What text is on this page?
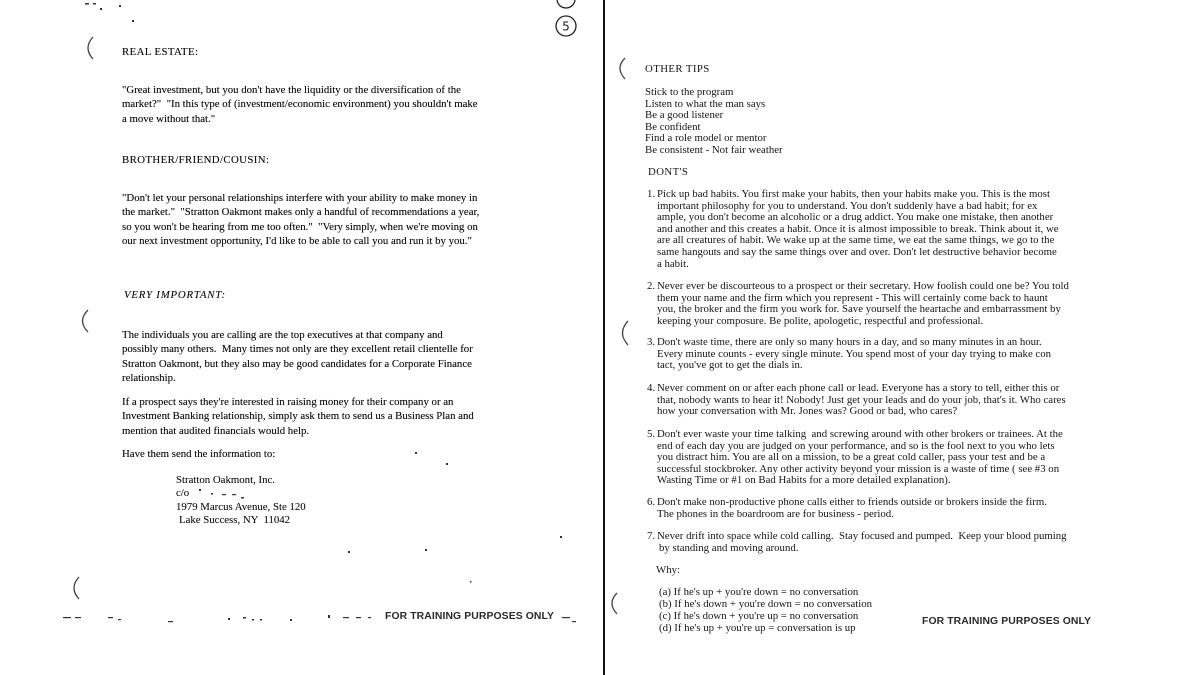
5
REAL ESTATE:
"Great investment, but you don't have the liquidity or the diversification of the
market?"  "In this type of (investment/economic environment) you shouldn't make
a move without that."
BROTHER/FRIEND/COUSIN:
"Don't let your personal relationships interfere with your ability to make money in
the market."  "Stratton Oakmont makes only a handful of recommendations a year,
so you won't be hearing from me too often."  "Very simply, when we're moving on
our next investment opportunity, I'd like to be able to call you and run it by you."
VERY IMPORTANT:
The individuals you are calling are the top executives at that company and
possibly many others.  Many times not only are they excellent retail clientelle for
Stratton Oakmont, but they also may be good candidates for a Corporate Finance
relationship.
If a prospect says they're interested in raising money for their company or an
Investment Banking relationship, simply ask them to send us a Business Plan and
mention that audited financials would help.
Have them send the information to:
Stratton Oakmont, Inc.
c/o
1979 Marcus Avenue, Ste 120
Lake Success, NY  11042
FOR TRAINING PURPOSES ONLY
OTHER TIPS
Stick to the program
Listen to what the man says
Be a good listener
Be confident
Find a role model or mentor
Be consistent - Not fair weather
DONT'S
1. Pick up bad habits. You first make your habits, then your habits make you. This is the most
important philosophy for you to understand. You don't suddenly have a bad habit; for ex
ample, you don't become an alcoholic or a drug addict. You make one mistake, then another
and another and this creates a habit. Once it is almost impossible to break. Think about it, we
are all creatures of habit. We wake up at the same time, we eat the same things, we go to the
same hangouts and say the same things over and over. Don't let destructive behavior become
a habit.
2. Never ever be discourteous to a prospect or their secretary. How foolish could one be? You told
them your name and the firm which you represent - This will certainly come back to haunt
you, the broker and the firm you work for. Save yourself the heartache and embarrassment by
keeping your composure. Be polite, apologetic, respectful and professional.
3. Don't waste time, there are only so many hours in a day, and so many minutes in an hour.
Every minute counts - every single minute. You spend most of your day trying to make con
tact, you've got to get the dials in.
4. Never comment on or after each phone call or lead. Everyone has a story to tell, either this or
that, nobody wants to hear it! Nobody! Just get your leads and do your job, that's it. Who cares
how your conversation with Mr. Jones was? Good or bad, who cares?
5. Don't ever waste your time talking  and screwing around with other brokers or trainees. At the
end of each day you are judged on your performance, and so is the fool next to you who lets
you distract him. You are all on a mission, to be a great cold caller, pass your test and be a
successful stockbroker. Any other activity beyond your mission is a waste of time ( see #3 on
Wasting Time or #1 on Bad Habits for a more detailed explanation).
6. Don't make non-productive phone calls either to friends outside or brokers inside the firm.
The phones in the boardroom are for business - period.
7. Never drift into space while cold calling.  Stay focused and pumped.  Keep your blood puming
by standing and moving around.
Why:
(a) If he's up + you're down = no conversation
(b) If he's down + you're down = no conversation
(c) If he's down + you're up = no conversation
(d) If he's up + you're up = conversation is up
FOR TRAINING PURPOSES ONLY
